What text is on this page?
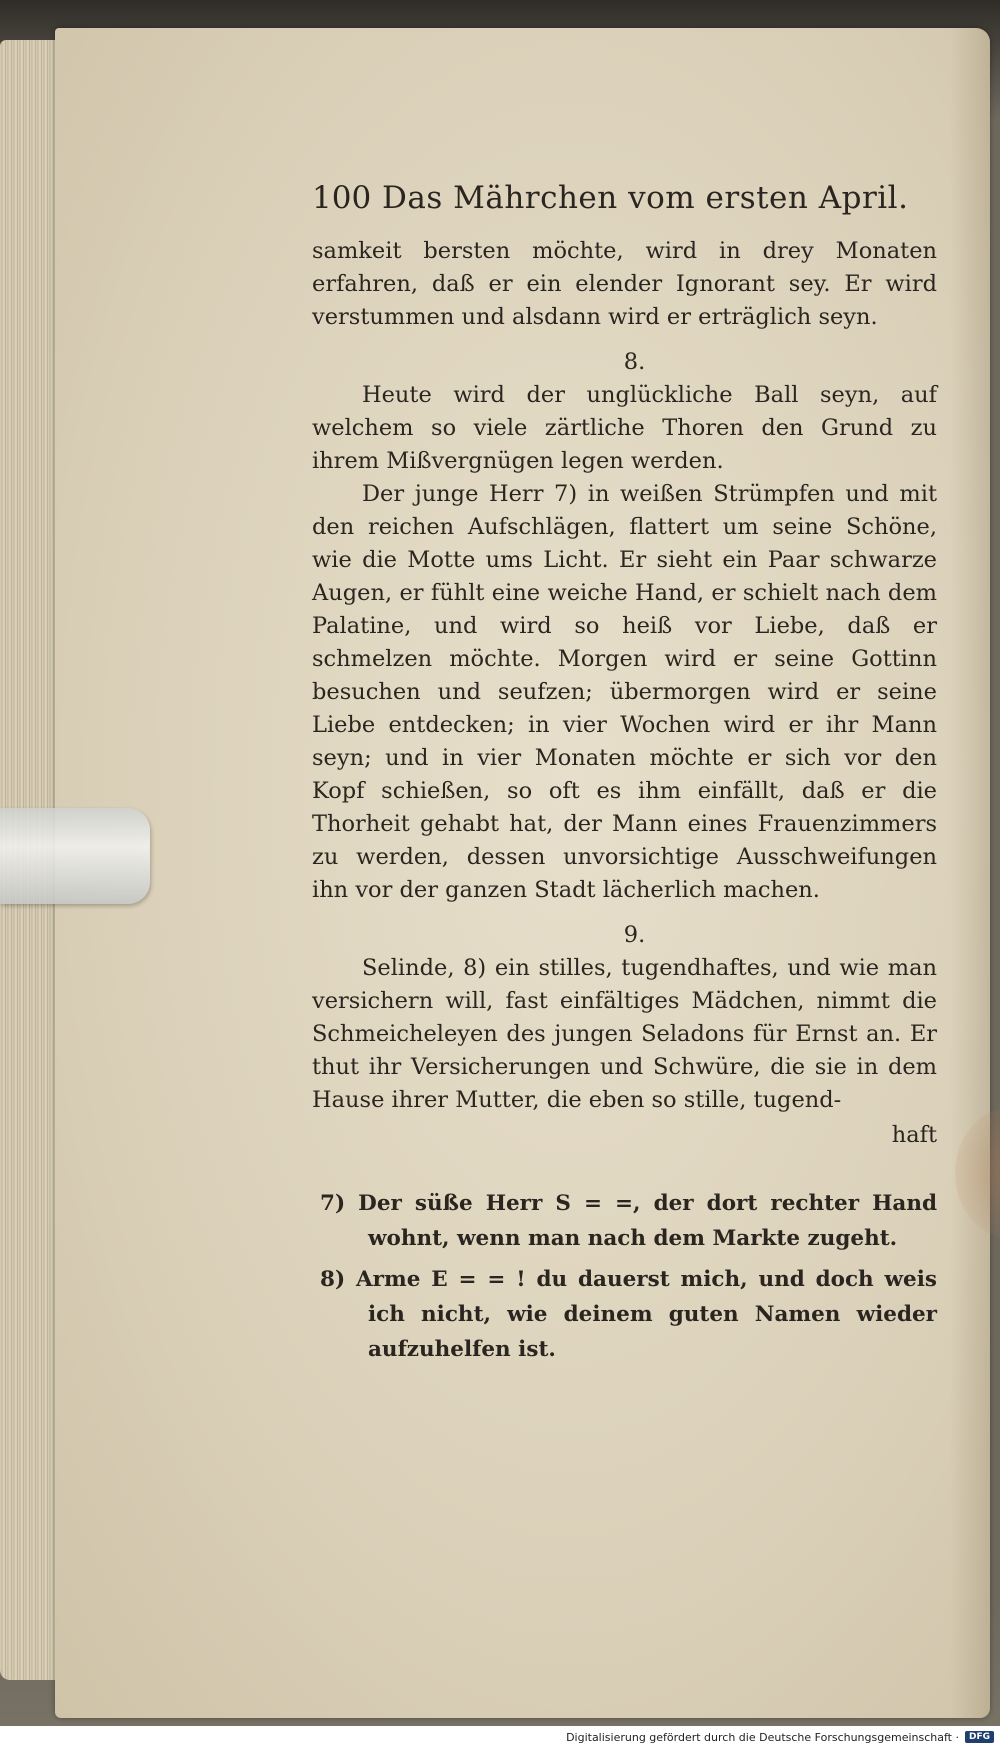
100 Das Mährchen vom ersten April.

samkeit bersten möchte, wird in drey Monaten erfahren, daß er ein elender Ignorant sey. Er wird verstummen und alsdann wird er erträglich seyn.

8.

Heute wird der unglückliche Ball seyn, auf welchem so viele zärtliche Thoren den Grund zu ihrem Mißvergnügen legen werden.

Der junge Herr 7) in weißen Strümpfen und mit den reichen Aufschlägen, flattert um seine Schöne, wie die Motte ums Licht. Er sieht ein Paar schwarze Augen, er fühlt eine weiche Hand, er schielt nach dem Palatine, und wird so heiß vor Liebe, daß er schmelzen möchte. Morgen wird er seine Gottinn besuchen und seufzen; übermorgen wird er seine Liebe entdecken; in vier Wochen wird er ihr Mann seyn; und in vier Monaten möchte er sich vor den Kopf schießen, so oft es ihm einfällt, daß er die Thorheit gehabt hat, der Mann eines Frauenzimmers zu werden, dessen unvorsichtige Ausschweifungen ihn vor der ganzen Stadt lächerlich machen.

9.

Selinde, 8) ein stilles, tugendhaftes, und wie man versichern will, fast einfältiges Mädchen, nimmt die Schmeicheleyen des jungen Seladons für Ernst an. Er thut ihr Versicherungen und Schwüre, die sie in dem Hause ihrer Mutter, die eben so stille, tugend-

haft

7) Der süße Herr S = =, der dort rechter Hand wohnt, wenn man nach dem Markte zugeht.

8) Arme E = = ! du dauerst mich, und doch weis ich nicht, wie deinem guten Namen wieder aufzuhelfen ist.

Digitalisierung gefördert durch die Deutsche Forschungsgemeinschaft ·	DFG
